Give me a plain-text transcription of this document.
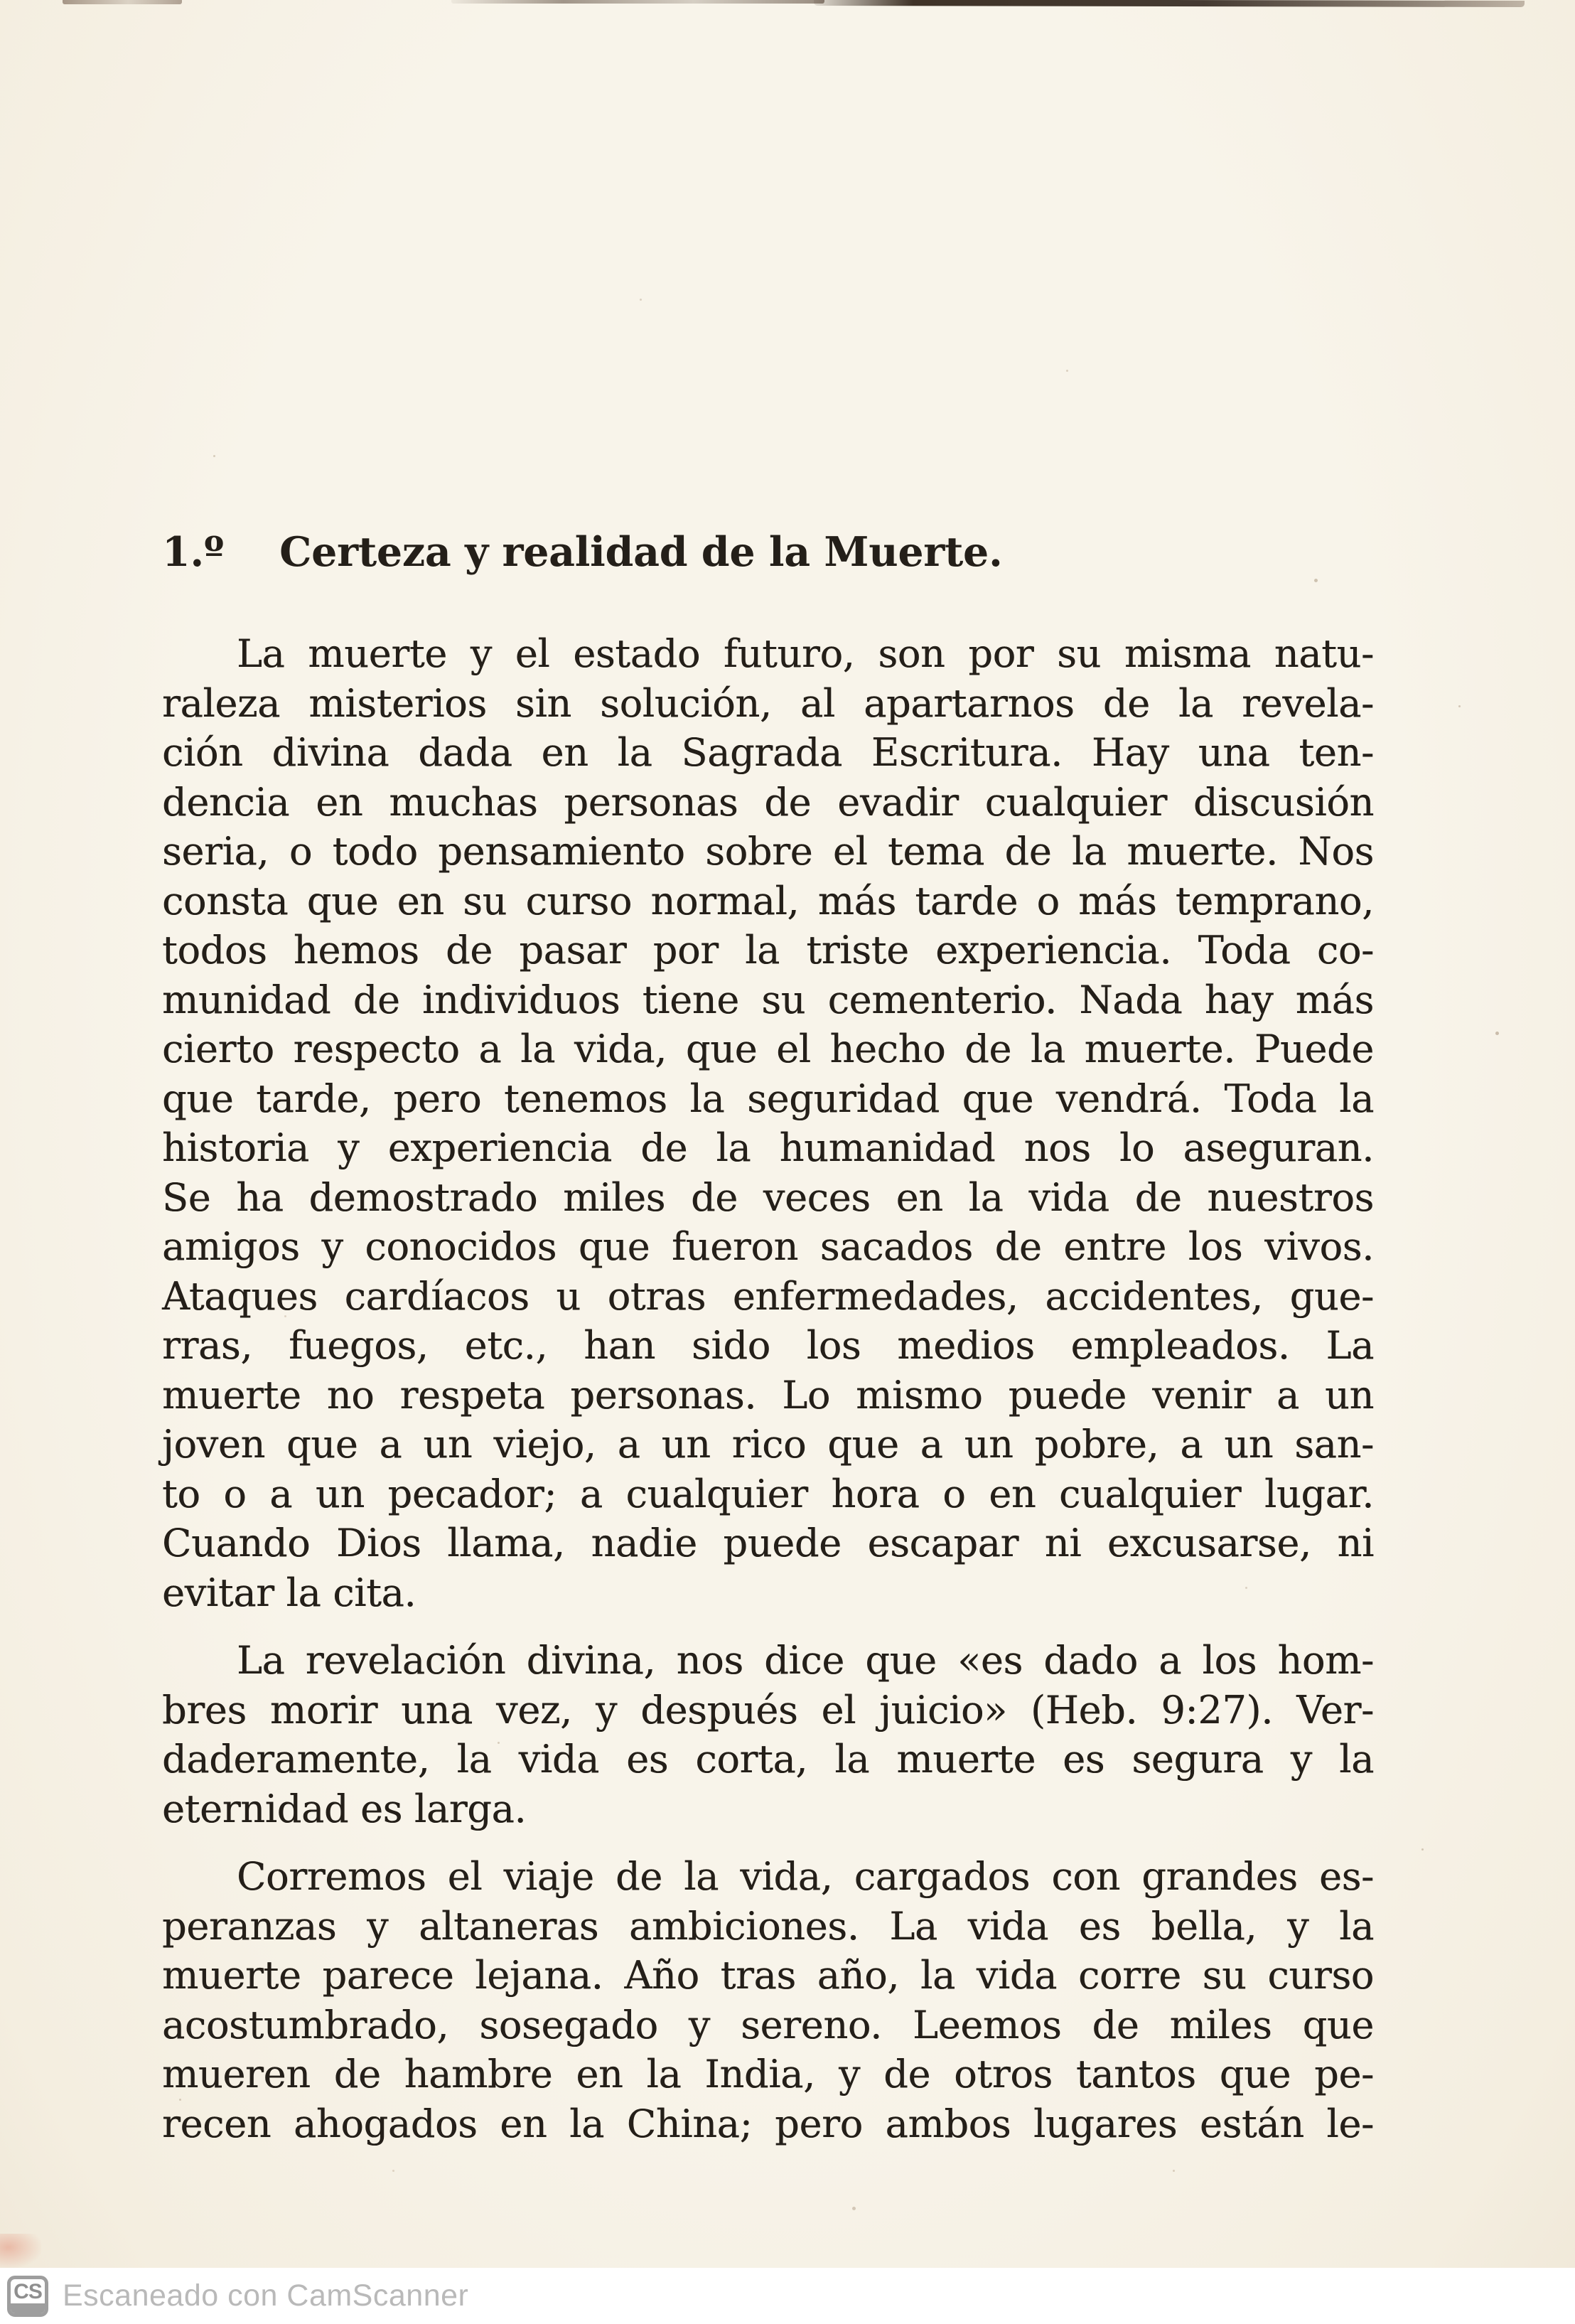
1.º Certeza y realidad de la Muerte.
La muerte y el estado futuro, son por su misma natu-
raleza misterios sin solución, al apartarnos de la revela-
ción divina dada en la Sagrada Escritura. Hay una ten-
dencia en muchas personas de evadir cualquier discusión
seria, o todo pensamiento sobre el tema de la muerte. Nos
consta que en su curso normal, más tarde o más temprano,
todos hemos de pasar por la triste experiencia. Toda co-
munidad de individuos tiene su cementerio. Nada hay más
cierto respecto a la vida, que el hecho de la muerte. Puede
que tarde, pero tenemos la seguridad que vendrá. Toda la
historia y experiencia de la humanidad nos lo aseguran.
Se ha demostrado miles de veces en la vida de nuestros
amigos y conocidos que fueron sacados de entre los vivos.
Ataques cardíacos u otras enfermedades, accidentes, gue-
rras, fuegos, etc., han sido los medios empleados. La
muerte no respeta personas. Lo mismo puede venir a un
joven que a un viejo, a un rico que a un pobre, a un san-
to o a un pecador; a cualquier hora o en cualquier lugar.
Cuando Dios llama, nadie puede escapar ni excusarse, ni
evitar la cita.
La revelación divina, nos dice que «es dado a los hom-
bres morir una vez, y después el juicio» (Heb. 9:27). Ver-
daderamente, la vida es corta, la muerte es segura y la
eternidad es larga.
Corremos el viaje de la vida, cargados con grandes es-
peranzas y altaneras ambiciones. La vida es bella, y la
muerte parece lejana. Año tras año, la vida corre su curso
acostumbrado, sosegado y sereno. Leemos de miles que
mueren de hambre en la India, y de otros tantos que pe-
recen ahogados en la China; pero ambos lugares están le-
CS Escaneado con CamScanner
